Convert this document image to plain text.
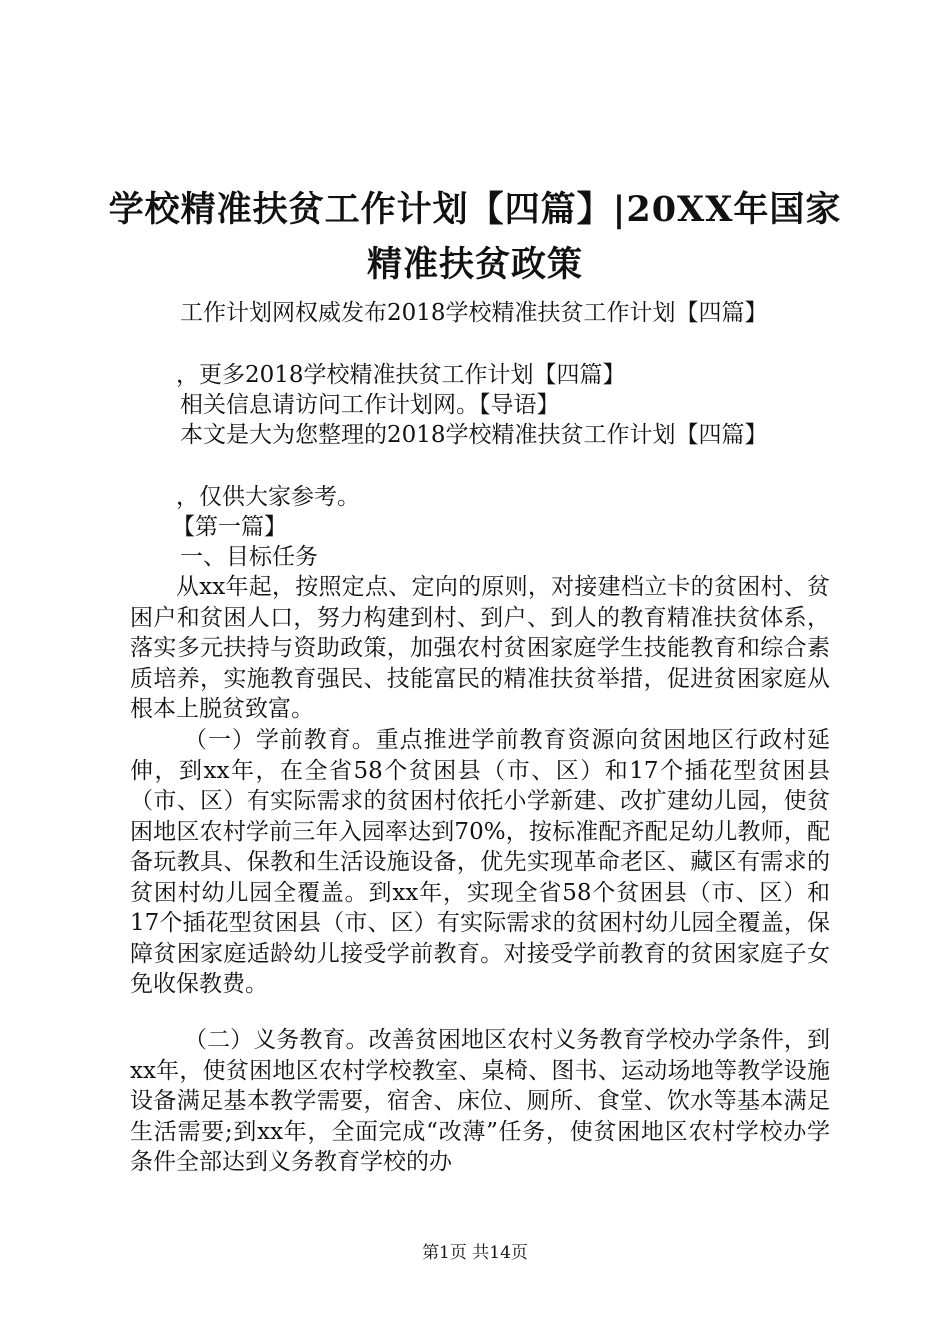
学校精准扶贫工作计划【四篇】|20XX年国家
精准扶贫政策
工作计划网权威发布2018学校精准扶贫工作计划【四篇】
，更多2018学校精准扶贫工作计划【四篇】
相关信息请访问工作计划网。【导语】
本文是大为您整理的2018学校精准扶贫工作计划【四篇】
，仅供大家参考。
【第一篇】
一、目标任务
从xx年起，按照定点、定向的原则，对接建档立卡的贫困村、贫困户和贫困人口，努力构建到村、到户、到人的教育精准扶贫体系，落实多元扶持与资助政策，加强农村贫困家庭学生技能教育和综合素质培养，实施教育强民、技能富民的精准扶贫举措，促进贫困家庭从根本上脱贫致富。
（一）学前教育。重点推进学前教育资源向贫困地区行政村延伸，到xx年，在全省58个贫困县（市、区）和17个插花型贫困县（市、区）有实际需求的贫困村依托小学新建、改扩建幼儿园，使贫困地区农村学前三年入园率达到70%，按标准配齐配足幼儿教师，配备玩教具、保教和生活设施设备，优先实现革命老区、藏区有需求的贫困村幼儿园全覆盖。到xx年，实现全省58个贫困县（市、区）和17个插花型贫困县（市、区）有实际需求的贫困村幼儿园全覆盖，保障贫困家庭适龄幼儿接受学前教育。对接受学前教育的贫困家庭子女免收保教费。
（二）义务教育。改善贫困地区农村义务教育学校办学条件，到xx年，使贫困地区农村学校教室、桌椅、图书、运动场地等教学设施设备满足基本教学需要，宿舍、床位、厕所、食堂、饮水等基本满足生活需要;到xx年，全面完成“改薄”任务，使贫困地区农村学校办学条件全部达到义务教育学校的办
第1页 共14页
